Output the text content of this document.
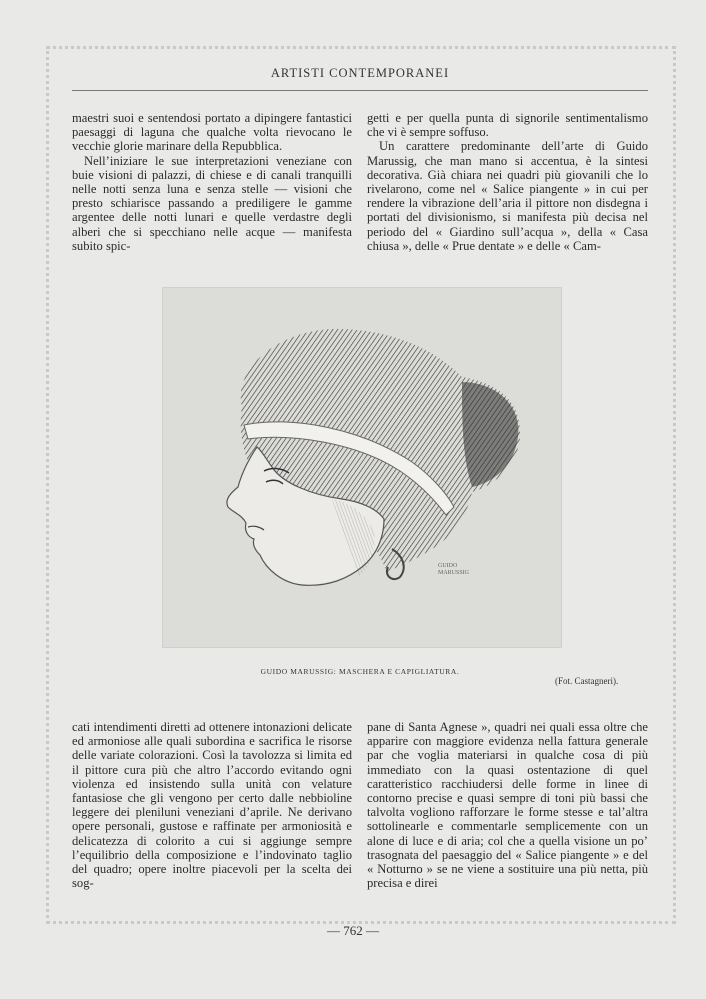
ARTISTI CONTEMPORANEI

maestri suoi e sentendosi portato a dipingere fantastici paesaggi di laguna che qualche volta rievocano le vecchie glorie marinare della Repubblica.

Nell’iniziare le sue interpretazioni veneziane con buie visioni di palazzi, di chiese e di canali tranquilli nelle notti senza luna e senza stelle — visioni che presto schiarisce passando a prediligere le gamme argentee delle notti lunari e quelle verdastre degli alberi che si specchiano nelle acque — manifesta subito spic-

getti e per quella punta di signorile sentimentalismo che vi è sempre soffuso.

Un carattere predominante dell’arte di Guido Marussig, che man mano si accentua, è la sintesi decorativa. Già chiara nei quadri più giovanili che lo rivelarono, come nel « Salice piangente » in cui per rendere la vibrazione dell’aria il pittore non disdegna i portati del divisionismo, si manifesta più decisa nel periodo del « Giardino sull’acqua », della « Casa chiusa », delle « Prue dentate » e delle « Cam-

GUIDO
MARUSSIG
GUIDO MARUSSIG: MASCHERA E CAPIGLIATURA.
(Fot. Castagneri).

cati intendimenti diretti ad ottenere intonazioni delicate ed armoniose alle quali subordina e sacrifica le risorse delle variate colorazioni. Così la tavolozza si limita ed il pittore cura più che altro l’accordo evitando ogni violenza ed insistendo sulla unità con velature fantasiose che gli vengono per certo dalle nebbioline leggere dei pleniluni veneziani d’aprile. Ne derivano opere personali, gustose e raffinate per armoniosità e delicatezza di colorito a cui si aggiunge sempre l’equilibrio della composizione e l’indovinato taglio del quadro; opere inoltre piacevoli per la scelta dei sog-

pane di Santa Agnese », quadri nei quali essa oltre che apparire con maggiore evidenza nella fattura generale par che voglia materiarsi in qualche cosa di più immediato con la quasi ostentazione di quel caratteristico racchiudersi delle forme in linee di contorno precise e quasi sempre di toni più bassi che talvolta vogliono rafforzare le forme stesse e tal’altra sottolinearle e commentarle semplicemente con un alone di luce e di aria; col che a quella visione un po’ trasognata del paesaggio del « Salice piangente » e del « Notturno » se ne viene a sostituire una più netta, più precisa e direi

— 762 —
